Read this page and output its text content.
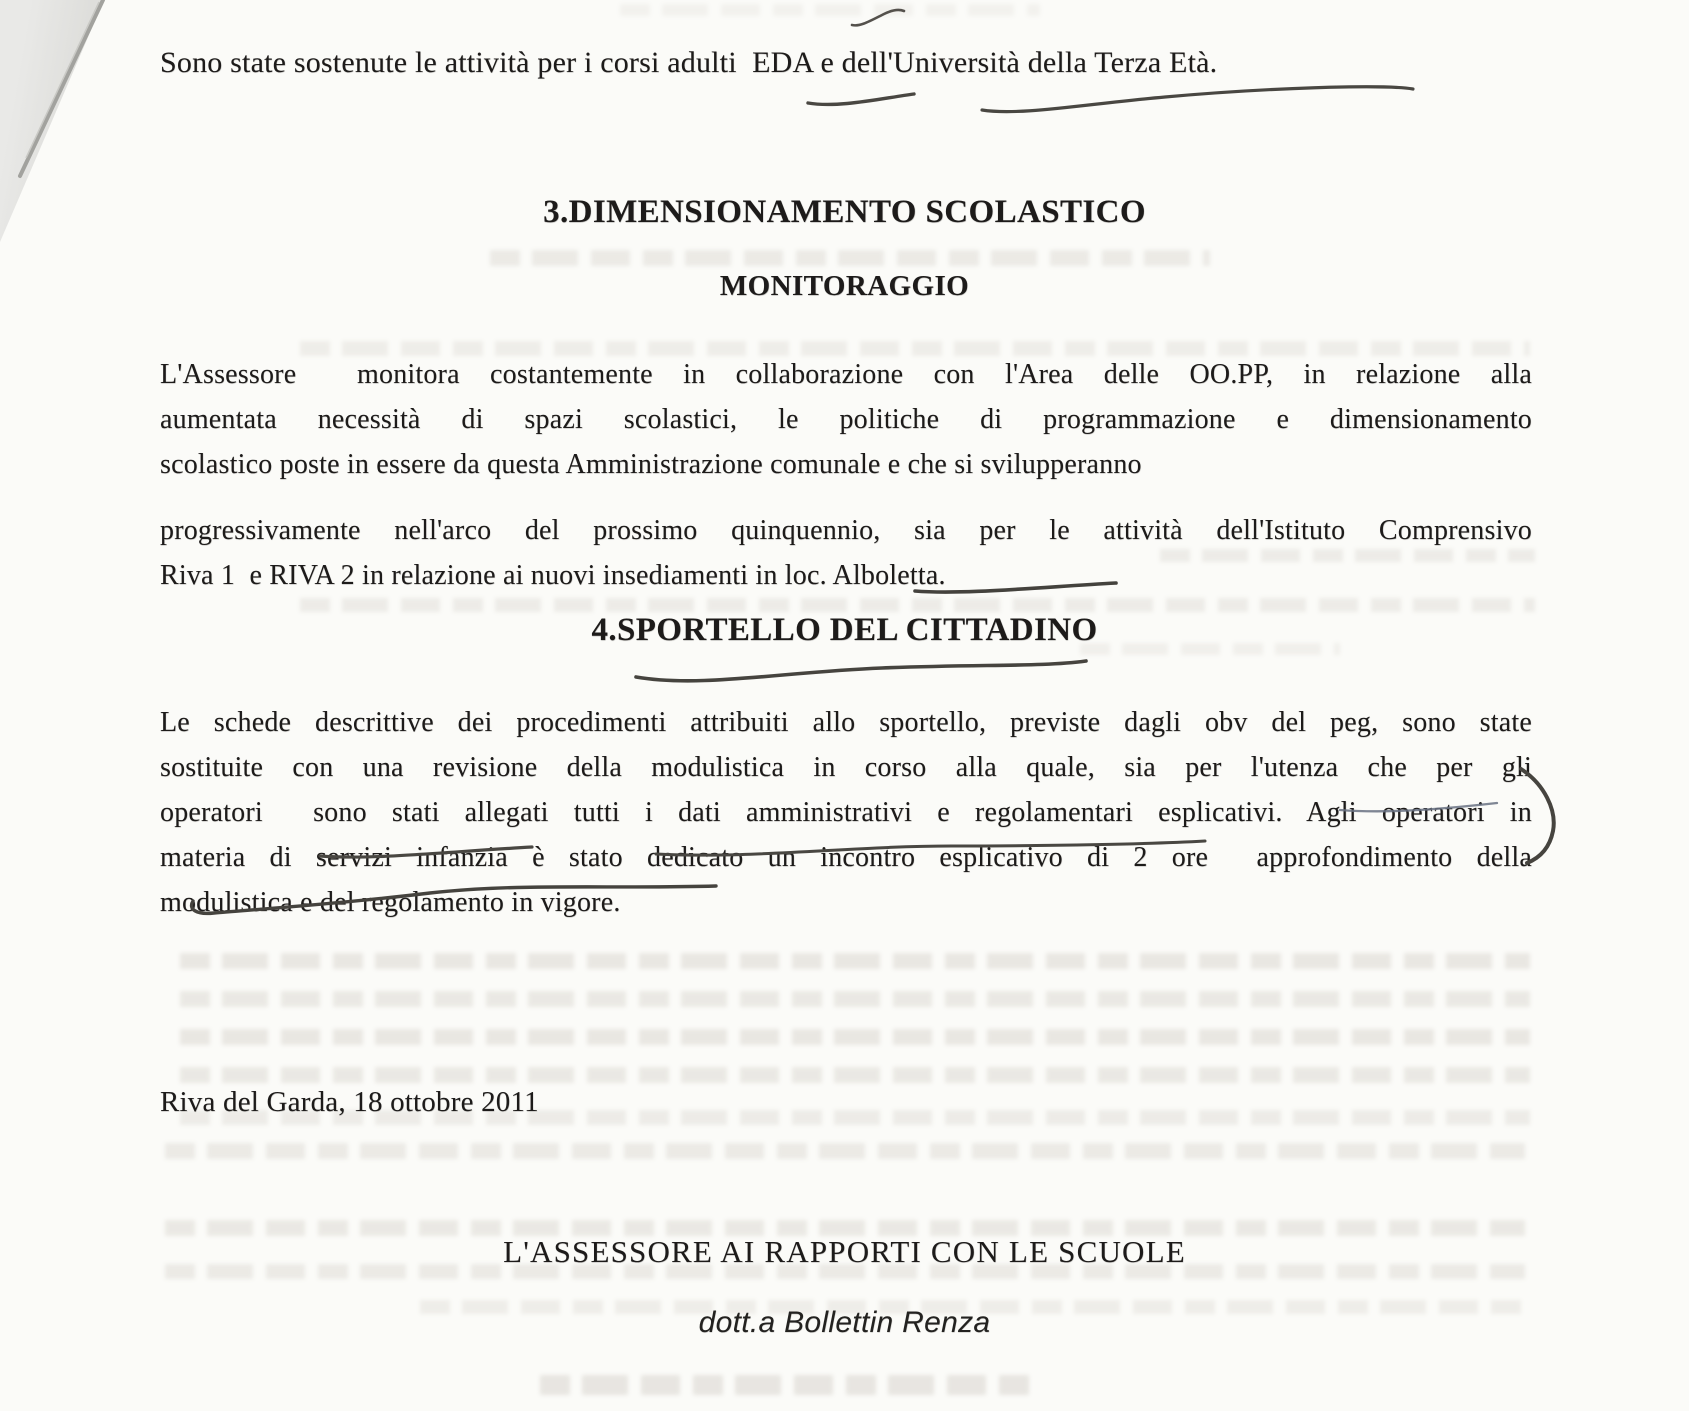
Sono state sostenute le attività per i corsi adulti  EDA e dell'Università della Terza Età.
3.DIMENSIONAMENTO SCOLASTICO
MONITORAGGIO
L'Assessore  monitora costantemente in collaborazione con l'Area delle OO.PP, in relazione alla
aumentata necessità di spazi scolastici, le politiche di programmazione e dimensionamento
scolastico poste in essere da questa Amministrazione comunale e che si svilupperanno
progressivamente nell'arco del prossimo quinquennio, sia per le attività dell'Istituto Comprensivo
Riva 1  e RIVA 2 in relazione ai nuovi insediamenti in loc. Alboletta.
4.SPORTELLO DEL CITTADINO
Le schede descrittive dei procedimenti attribuiti allo sportello, previste dagli obv del peg, sono state
sostituite con una revisione della modulistica in corso alla quale, sia per l'utenza che per gli
operatori  sono stati allegati tutti i dati amministrativi e regolamentari esplicativi. Agli operatori in
materia di servizi infanzia è stato dedicato un incontro esplicativo di 2 ore  approfondimento della
modulistica e del regolamento in vigore.
Riva del Garda, 18 ottobre 2011
L'ASSESSORE AI RAPPORTI CON LE SCUOLE
dott.a Bollettin Renza
